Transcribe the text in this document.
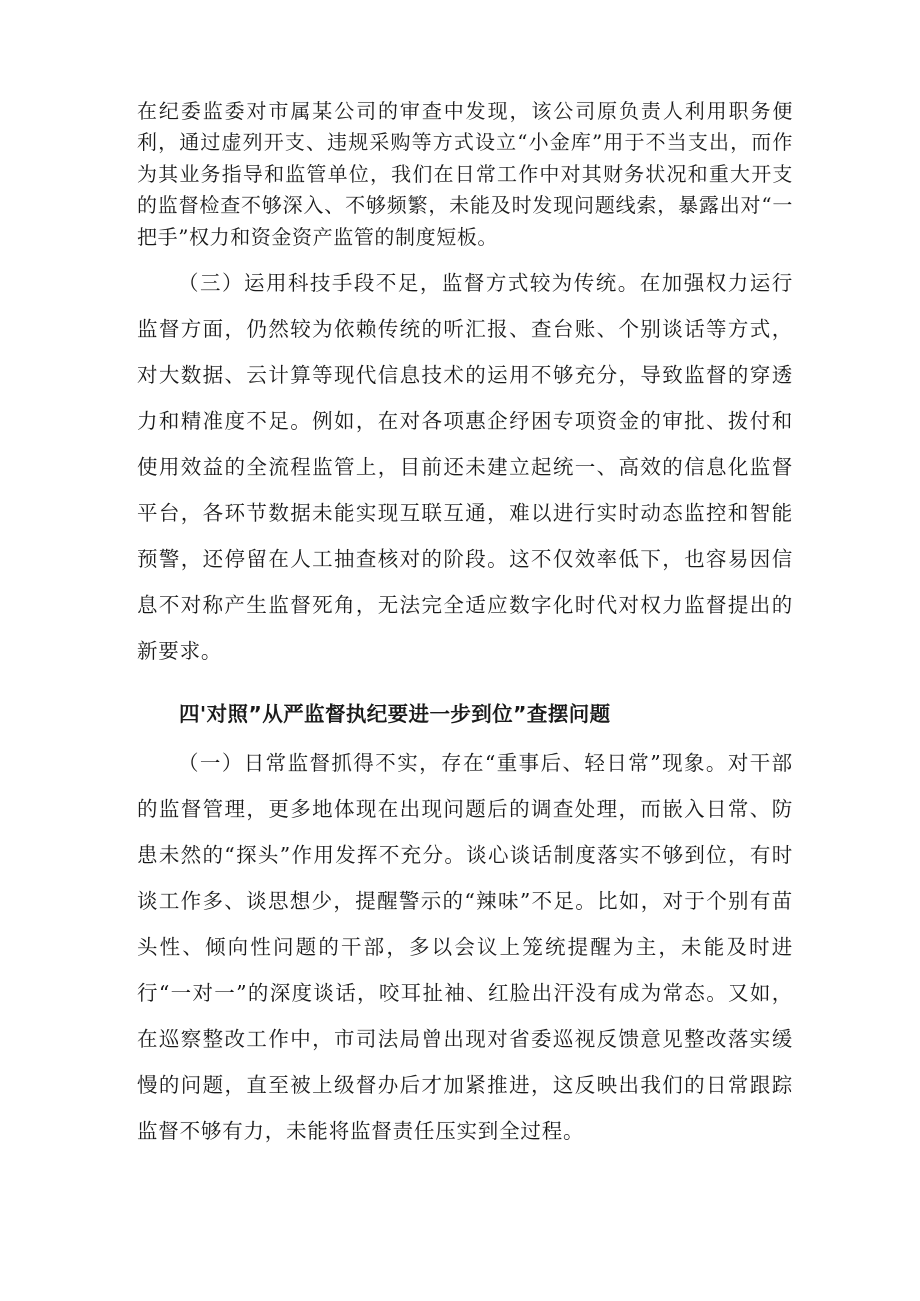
在纪委监委对市属某公司的审查中发现，该公司原负责人利用职务便利，通过虚列开支、违规采购等方式设立“小金库”用于不当支出，而作为其业务指导和监管单位，我们在日常工作中对其财务状况和重大开支的监督检查不够深入、不够频繁，未能及时发现问题线索，暴露出对“一把手”权力和资金资产监管的制度短板。

（三）运用科技手段不足，监督方式较为传统。在加强权力运行监督方面，仍然较为依赖传统的听汇报、查台账、个别谈话等方式，对大数据、云计算等现代信息技术的运用不够充分，导致监督的穿透力和精准度不足。例如，在对各项惠企纾困专项资金的审批、拨付和使用效益的全流程监管上，目前还未建立起统一、高效的信息化监督平台，各环节数据未能实现互联互通，难以进行实时动态监控和智能预警，还停留在人工抽查核对的阶段。这不仅效率低下，也容易因信息不对称产生监督死角，无法完全适应数字化时代对权力监督提出的新要求。

四'对照”从严监督执纪要进一步到位”查摆问题

（一）日常监督抓得不实，存在“重事后、轻日常”现象。对干部的监督管理，更多地体现在出现问题后的调查处理，而嵌入日常、防患未然的“探头”作用发挥不充分。谈心谈话制度落实不够到位，有时谈工作多、谈思想少，提醒警示的“辣味”不足。比如，对于个别有苗头性、倾向性问题的干部，多以会议上笼统提醒为主，未能及时进行“一对一”的深度谈话，咬耳扯袖、红脸出汗没有成为常态。又如，在巡察整改工作中，市司法局曾出现对省委巡视反馈意见整改落实缓慢的问题，直至被上级督办后才加紧推进，这反映出我们的日常跟踪监督不够有力，未能将监督责任压实到全过程。
